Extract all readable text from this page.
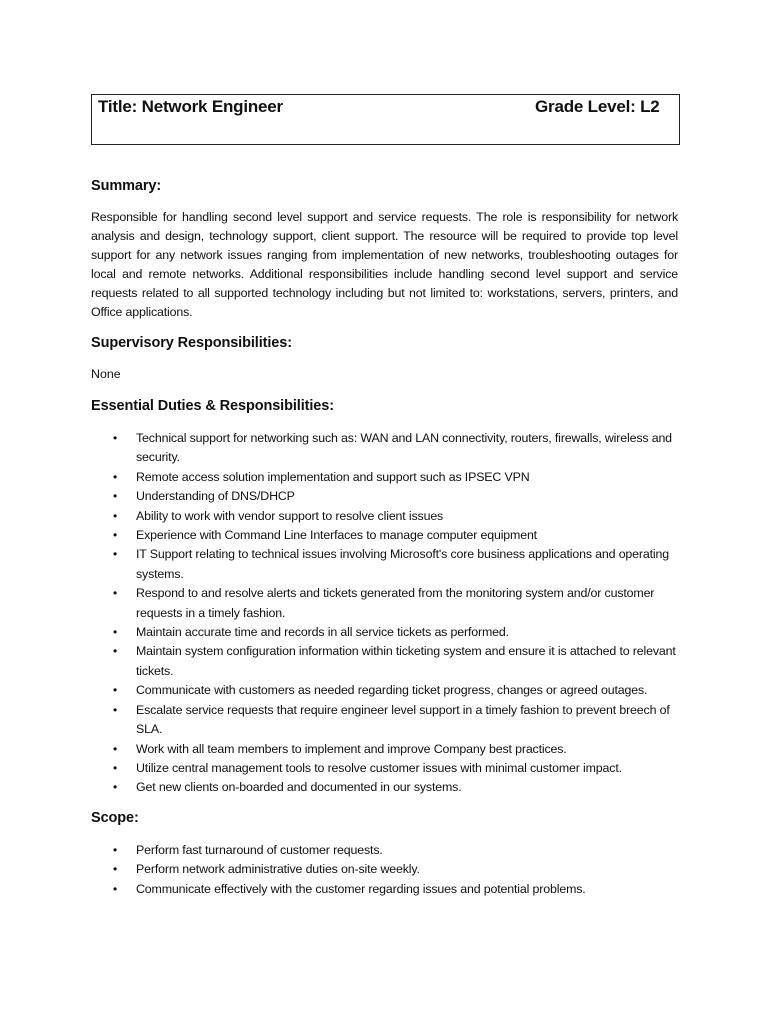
Title: Network Engineer	Grade Level: L2
Summary:

Responsible for handling second level support and service requests. The role is responsibility for network analysis and design, technology support, client support. The resource will be required to provide top level support for any network issues ranging from implementation of new networks, troubleshooting outages for local and remote networks. Additional responsibilities include handling second level support and service requests related to all supported technology including but not limited to: workstations, servers, printers, and Office applications.

Supervisory Responsibilities:

None

Essential Duties & Responsibilities:
• Technical support for networking such as: WAN and LAN connectivity, routers, firewalls, wireless and security.
• Remote access solution implementation and support such as IPSEC VPN
• Understanding of DNS/DHCP
• Ability to work with vendor support to resolve client issues
• Experience with Command Line Interfaces to manage computer equipment
• IT Support relating to technical issues involving Microsoft's core business applications and operating systems.
• Respond to and resolve alerts and tickets generated from the monitoring system and/or customer requests in a timely fashion.
• Maintain accurate time and records in all service tickets as performed.
• Maintain system configuration information within ticketing system and ensure it is attached to relevant tickets.
• Communicate with customers as needed regarding ticket progress, changes or agreed outages.
• Escalate service requests that require engineer level support in a timely fashion to prevent breech of SLA.
• Work with all team members to implement and improve Company best practices.
• Utilize central management tools to resolve customer issues with minimal customer impact.
• Get new clients on-boarded and documented in our systems.
Scope:
• Perform fast turnaround of customer requests.
• Perform network administrative duties on-site weekly.
• Communicate effectively with the customer regarding issues and potential problems.
